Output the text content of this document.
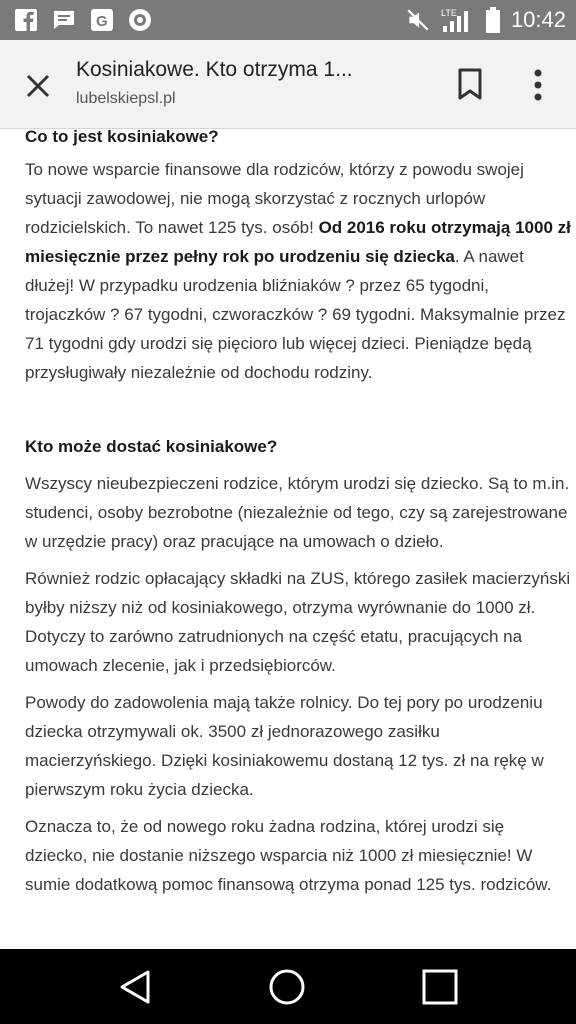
G	LTE 10:42
Kosiniakowe. Kto otrzyma 1...
lubelskiepsl.pl
Co to jest kosiniakowe?

To nowe wsparcie finansowe dla rodziców, którzy z powodu swojej sytuacji zawodowej, nie mogą skorzystać z rocznych urlopów rodzicielskich. To nawet 125 tys. osób! Od 2016 roku otrzymają 1000 zł miesięcznie przez pełny rok po urodzeniu się dziecka. A nawet dłużej! W przypadku urodzenia bliźniaków ? przez 65 tygodni, trojaczków ? 67 tygodni, czworaczków ? 69 tygodni. Maksymalnie przez 71 tygodni gdy urodzi się pięcioro lub więcej dzieci. Pieniądze będą przysługiwały niezależnie od dochodu rodziny.

Kto może dostać kosiniakowe?

Wszyscy nieubezpieczeni rodzice, którym urodzi się dziecko. Są to m.in. studenci, osoby bezrobotne (niezależnie od tego, czy są zarejestrowane w urzędzie pracy) oraz pracujące na umowach o dzieło.

Również rodzic opłacający składki na ZUS, którego zasiłek macierzyński byłby niższy niż od kosiniakowego, otrzyma wyrównanie do 1000 zł. Dotyczy to zarówno zatrudnionych na część etatu, pracujących na umowach zlecenie, jak i przedsiębiorców.

Powody do zadowolenia mają także rolnicy. Do tej pory po urodzeniu dziecka otrzymywali ok. 3500 zł jednorazowego zasiłku macierzyńskiego. Dzięki kosiniakowemu dostaną 12 tys. zł na rękę w pierwszym roku życia dziecka.

Oznacza to, że od nowego roku żadna rodzina, której urodzi się dziecko, nie dostanie niższego wsparcia niż 1000 zł miesięcznie! W sumie dodatkową pomoc finansową otrzyma ponad 125 tys. rodziców.
